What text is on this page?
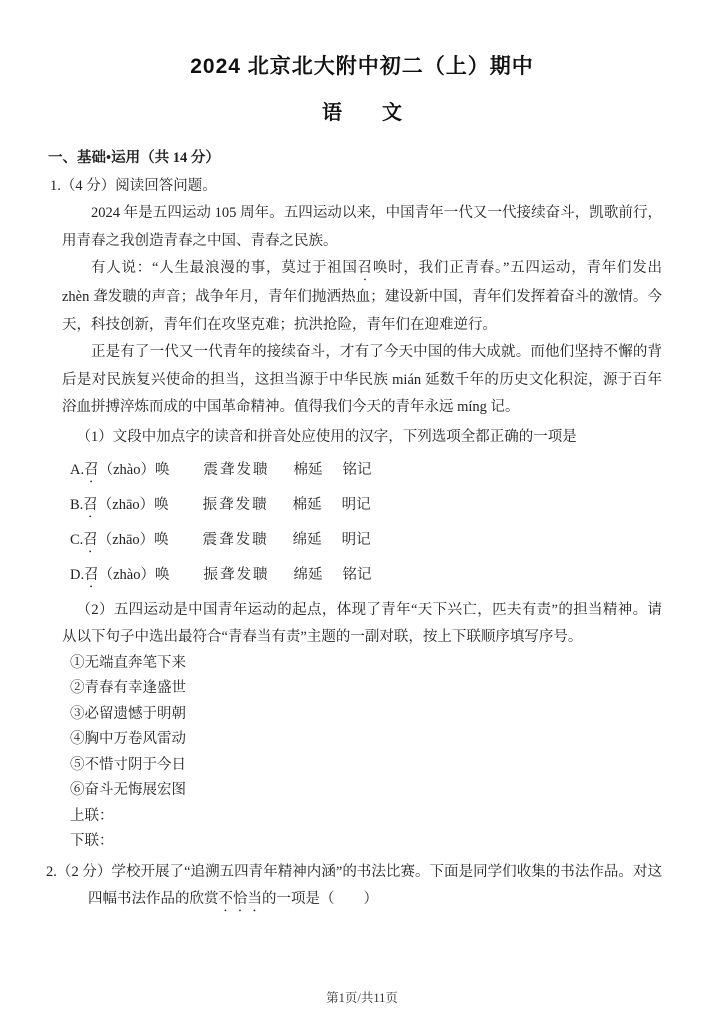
2024 北京北大附中初二（上）期中
语　　文
一、基础•运用（共 14 分）
1.（4 分）阅读回答问题。

2024 年是五四运动 105 周年。五四运动以来，中国青年一代又一代接续奋斗，凯歌前行，用青春之我创造青春之中国、青春之民族。

有人说：“人生最浪漫的事，莫过于祖国召唤时，我们正青春。”五四运动，青年们发出 zhèn 聋发聩的声音；战争年月，青年们抛洒热血；建设新中国，青年们发挥着奋斗的激情。今天，科技创新，青年们在攻坚克难；抗洪抢险，青年们在迎难逆行。

正是有了一代又一代青年的接续奋斗，才有了今天中国的伟大成就。而他们坚持不懈的背后是对民族复兴使命的担当，这担当源于中华民族 mián 延数千年的历史文化积淀，源于百年浴血拼搏淬炼而成的中国革命精神。值得我们今天的青年永远 míng 记。

（1）文段中加点字的读音和拼音处应使用的汉字，下列选项全都正确的一项是
A.召（zhào）唤 震聋发聩 棉延 铭记
B.召（zhāo）唤 振聋发聩 棉延 明记
C.召（zhāo）唤 震聋发聩 绵延 明记
D.召（zhào）唤 振聋发聩 绵延 铭记
（2）五四运动是中国青年运动的起点，体现了青年“天下兴亡，匹夫有责”的担当精神。请从以下句子中选出最符合“青春当有责”主题的一副对联，按上下联顺序填写序号。
①无端直奔笔下来
②青春有幸逢盛世
③必留遗憾于明朝
④胸中万卷风雷动
⑤不惜寸阴于今日
⑥奋斗无悔展宏图
上联：
下联：

2.（2 分）学校开展了“追溯五四青年精神内涵”的书法比赛。下面是同学们收集的书法作品。对这四幅书法作品的欣赏不恰当的一项是（　　）

第1页/共11页
